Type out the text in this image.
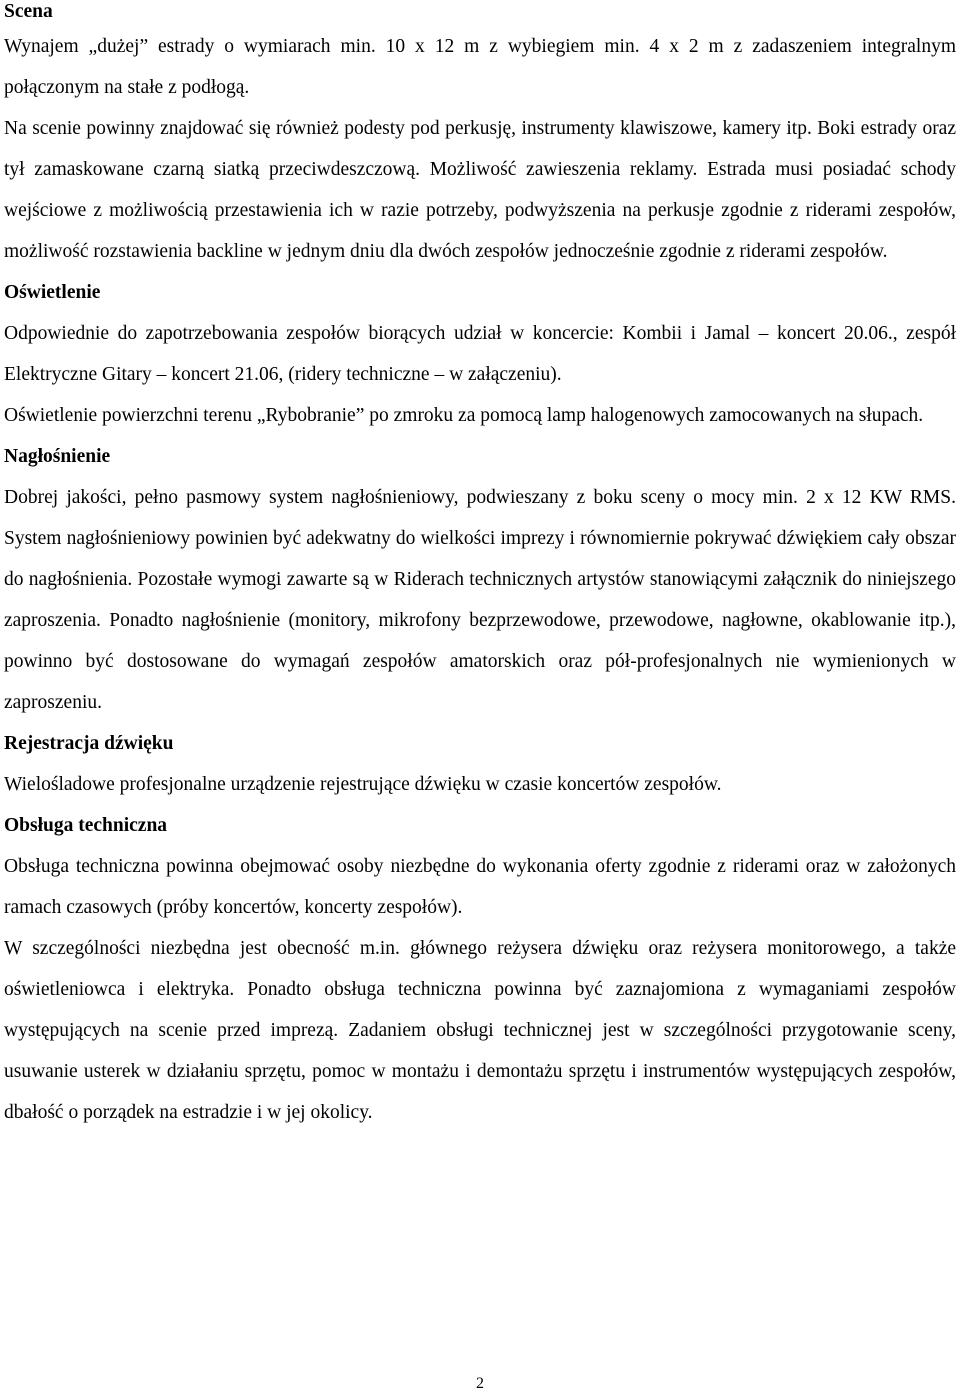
Scena

Wynajem „dużej” estrady o wymiarach min. 10 x 12 m z wybiegiem min. 4 x 2 m z zadaszeniem integralnym połączonym na stałe z podłogą.

Na scenie powinny znajdować się również podesty pod perkusję, instrumenty klawiszowe, kamery itp. Boki estrady oraz tył zamaskowane czarną siatką przeciwdeszczową. Możliwość zawieszenia reklamy. Estrada musi posiadać schody wejściowe z możliwością przestawienia ich w razie potrzeby, podwyższenia na perkusje zgodnie z riderami zespołów, możliwość rozstawienia backline w jednym dniu dla dwóch zespołów jednocześnie zgodnie z riderami zespołów.

Oświetlenie

Odpowiednie do zapotrzebowania zespołów biorących udział w koncercie: Kombii i Jamal – koncert 20.06., zespół Elektryczne Gitary – koncert 21.06, (ridery techniczne – w załączeniu).

Oświetlenie powierzchni terenu „Rybobranie” po zmroku za pomocą lamp halogenowych zamocowanych na słupach.

Nagłośnienie

Dobrej jakości, pełno pasmowy system nagłośnieniowy, podwieszany z boku sceny o mocy min. 2 x 12 KW RMS. System nagłośnieniowy powinien być adekwatny do wielkości imprezy i równomiernie pokrywać dźwiękiem cały obszar do nagłośnienia. Pozostałe wymogi zawarte są w Riderach technicznych artystów stanowiącymi załącznik do niniejszego zaproszenia. Ponadto nagłośnienie (monitory, mikrofony bezprzewodowe, przewodowe, nagłowne, okablowanie itp.), powinno być dostosowane do wymagań zespołów amatorskich oraz pół-profesjonalnych nie wymienionych w zaproszeniu.

Rejestracja dźwięku

Wielośladowe profesjonalne urządzenie rejestrujące dźwięku w czasie koncertów zespołów.

Obsługa techniczna

Obsługa techniczna powinna obejmować osoby niezbędne do wykonania oferty zgodnie z riderami oraz w założonych ramach czasowych (próby koncertów, koncerty zespołów).

W szczególności niezbędna jest obecność m.in. głównego reżysera dźwięku oraz reżysera monitorowego, a także oświetleniowca i elektryka. Ponadto obsługa techniczna powinna być zaznajomiona z wymaganiami zespołów występujących na scenie przed imprezą. Zadaniem obsługi technicznej jest w szczególności przygotowanie sceny, usuwanie usterek w działaniu sprzętu, pomoc w montażu i demontażu sprzętu i instrumentów występujących zespołów, dbałość o porządek na estradzie i w jej okolicy.

2
